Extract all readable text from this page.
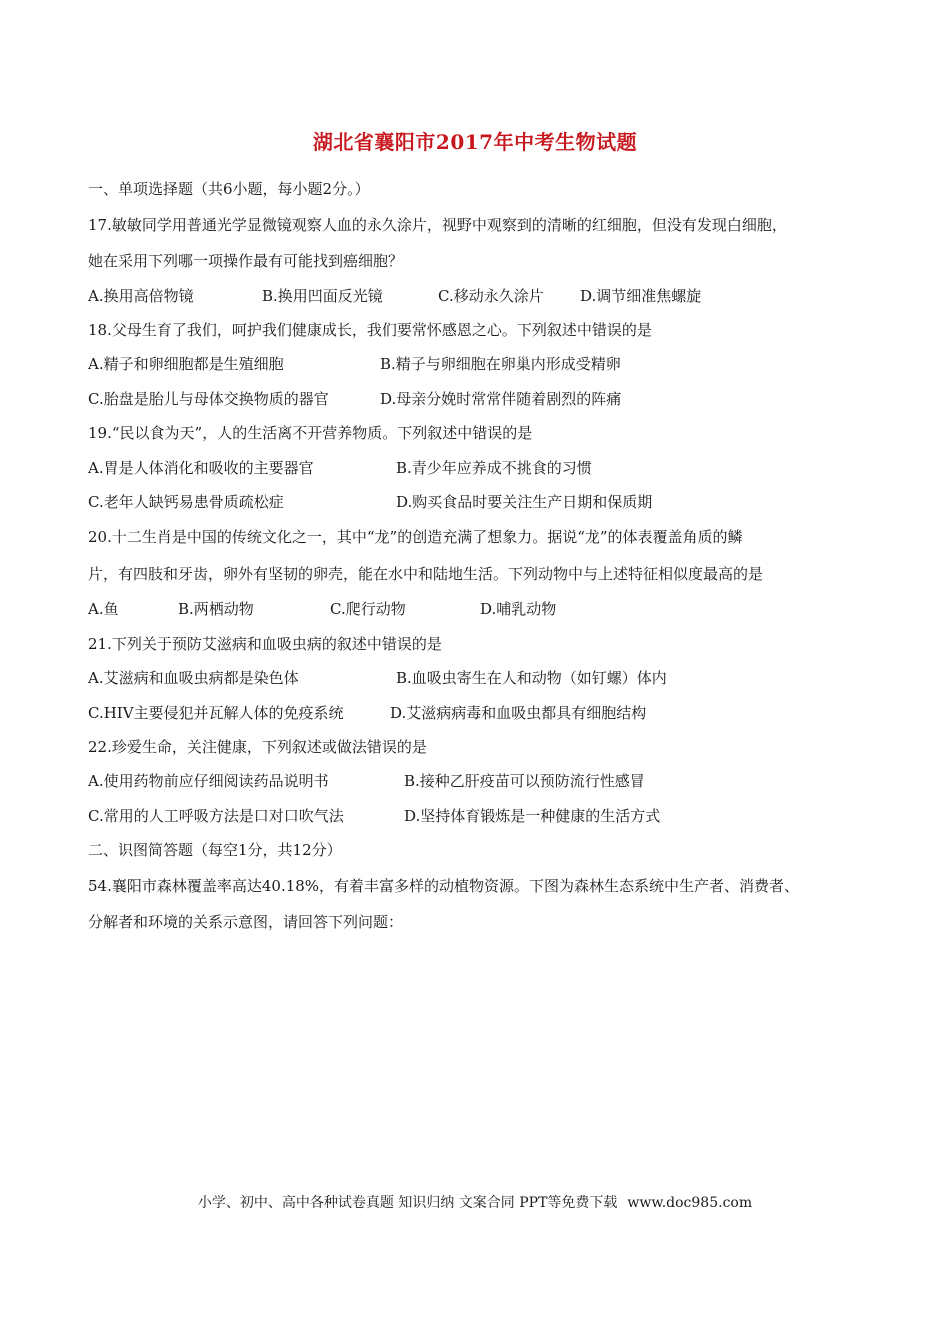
湖北省襄阳市2017年中考生物试题
一、单项选择题（共6小题，每小题2分。）
17.敏敏同学用普通光学显微镜观察人血的永久涂片，视野中观察到的清晰的红细胞，但没有发现白细胞，
她在采用下列哪一项操作最有可能找到癌细胞？
A.换用高倍物镜	B.换用凹面反光镜	C.移动永久涂片 D.调节细准焦螺旋
18.父母生育了我们，呵护我们健康成长，我们要常怀感恩之心。下列叙述中错误的是
A.精子和卵细胞都是生殖细胞	B.精子与卵细胞在卵巢内形成受精卵
C.胎盘是胎儿与母体交换物质的器官	D.母亲分娩时常常伴随着剧烈的阵痛
19.“民以食为天”，人的生活离不开营养物质。下列叙述中错误的是
A.胃是人体消化和吸收的主要器官	B.青少年应养成不挑食的习惯
C.老年人缺钙易患骨质疏松症	D.购买食品时要关注生产日期和保质期
20.十二生肖是中国的传统文化之一，其中“龙”的创造充满了想象力。据说“龙”的体表覆盖角质的鳞
片，有四肢和牙齿，卵外有坚韧的卵壳，能在水中和陆地生活。下列动物中与上述特征相似度最高的是
A.鱼	B.两栖动物	C.爬行动物	D.哺乳动物
21.下列关于预防艾滋病和血吸虫病的叙述中错误的是
A.艾滋病和血吸虫病都是染色体	B.血吸虫寄生在人和动物（如钉螺）体内
C.HIV主要侵犯并瓦解人体的免疫系统	D.艾滋病病毒和血吸虫都具有细胞结构
22.珍爱生命，关注健康，下列叙述或做法错误的是
A.使用药物前应仔细阅读药品说明书	B.接种乙肝疫苗可以预防流行性感冒
C.常用的人工呼吸方法是口对口吹气法	D.坚持体育锻炼是一种健康的生活方式
二、识图简答题（每空1分，共12分）
54.襄阳市森林覆盖率高达40.18%，有着丰富多样的动植物资源。下图为森林生态系统中生产者、消费者、
分解者和环境的关系示意图，请回答下列问题：
小学、初中、高中各种试卷真题 知识归纳 文案合同 PPT等免费下载 www.doc985.com
